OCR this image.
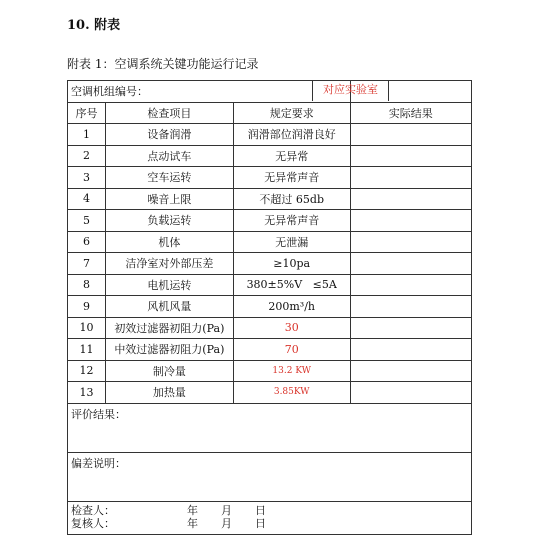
10. 附表
附表 1：空调系统关键功能运行记录
空调机组编号： 对应实验室			

序号	检查项目	规定要求	实际结果
1	设备润滑	润滑部位润滑良好	
2	点动试车	无异常	
3	空车运转	无异常声音	
4	噪音上限	不超过 65db	
5	负载运转	无异常声音	
6	机体	无泄漏	
7	洁净室对外部压差	≥10pa	
8	电机运转	380±5%V   ≤5A	
9	风机风量	200m³/h	
10	初效过滤器初阻力(Pa)	30	
11	中效过滤器初阻力(Pa)	70	
12	制冷量	13.2 KW	
13	加热量	3.85KW	
评价结果：			
偏差说明：			

检查人： 年 月 日
复核人： 年 月 日			
